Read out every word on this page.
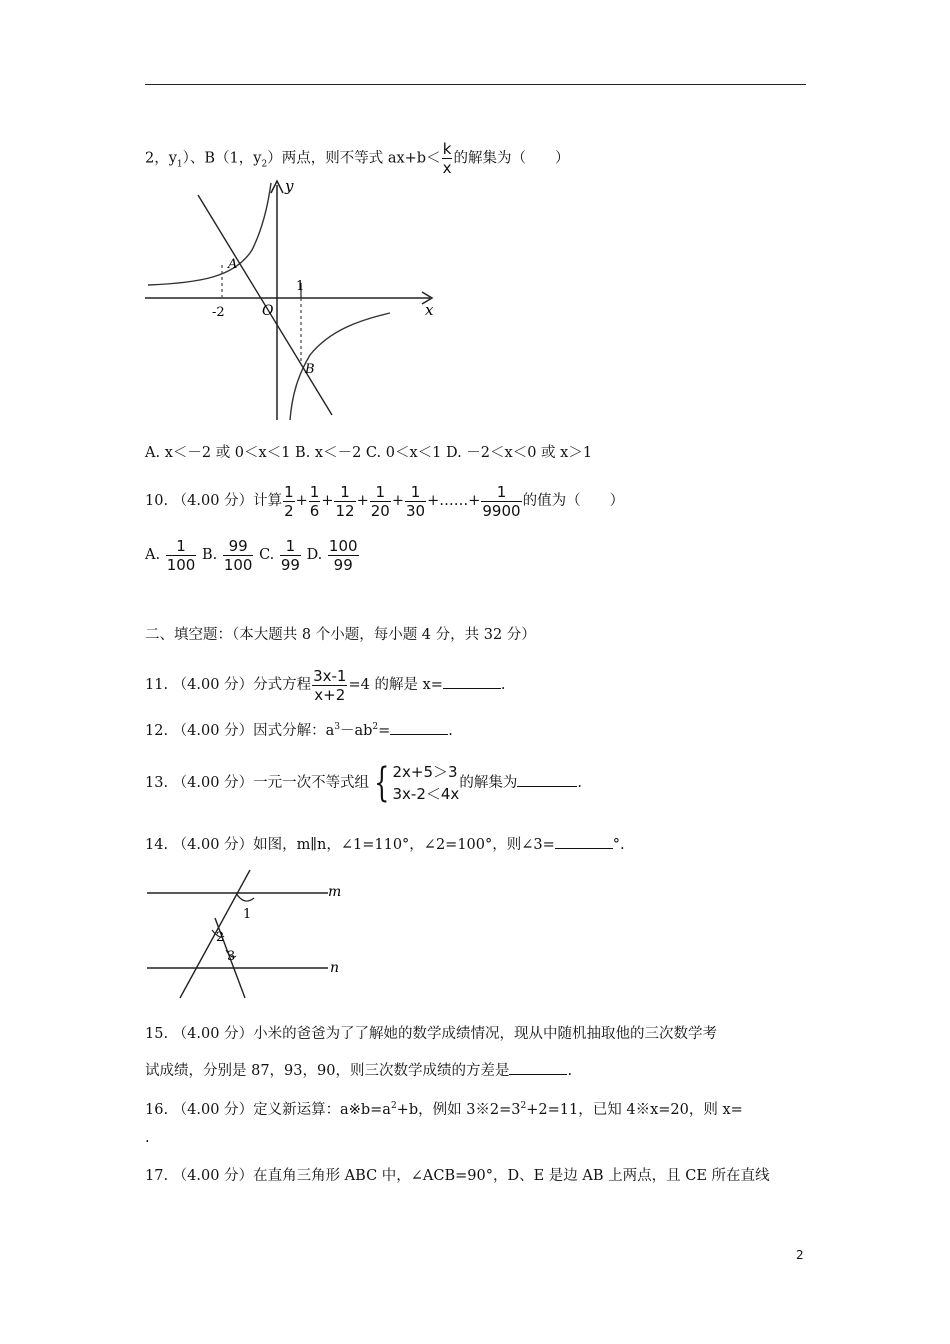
2，$y_1$）、B（1，$y_2$）两点，则不等式 $ax+b< \frac{k}{x}$ 的解集为（　　）
y
x
O
-2
1
A
B
A. x＜－2 或 0＜x＜1 B. x＜－2 C. 0＜x＜1 D. －2＜x＜0 或 x＞1
10. （4.00 分）计算 $\frac{1}{2} + \frac{1}{6} + \frac{1}{12} + \frac{1}{20} + \frac{1}{30}$ +……+ $\frac{1}{9900}$ 的值为（　　）
A. $\frac{1}{100} B$. $\frac{99}{100} C$. $\frac{1}{99} D$. $\frac{100}{99}$
二、填空题：（本大题共 8 个小题，每小题 4 分，共 32 分）
11. （4.00 分）分式方程 $\frac{3x-1}{x+2} =4$ 的解是 x=	.
12. （4.00 分）因式分解：$a^3-ab^2=$	.
13. （4.00 分）一元一次不等式组 { 2x+5＞3
3x-2＜4x
的解集为	.
14. （4.00 分）如图，m∥n，∠1=110°，∠2=100°，则∠3=	°.
m
n
1
2
3
15. （4.00 分）小米的爸爸为了了解她的数学成绩情况，现从中随机抽取他的三次数学考
试成绩，分别是 87，93，90，则三次数学成绩的方差是	.
16. （4.00 分）定义新运算：$a※b=a^2+b$，例如 $3※2=3^2+2=11$，已知 4※x=20，则 x=
.
17. （4.00 分）在直角三角形 ABC 中，∠ACB=90°，D、E 是边 AB 上两点，且 CE 所在直线
2
